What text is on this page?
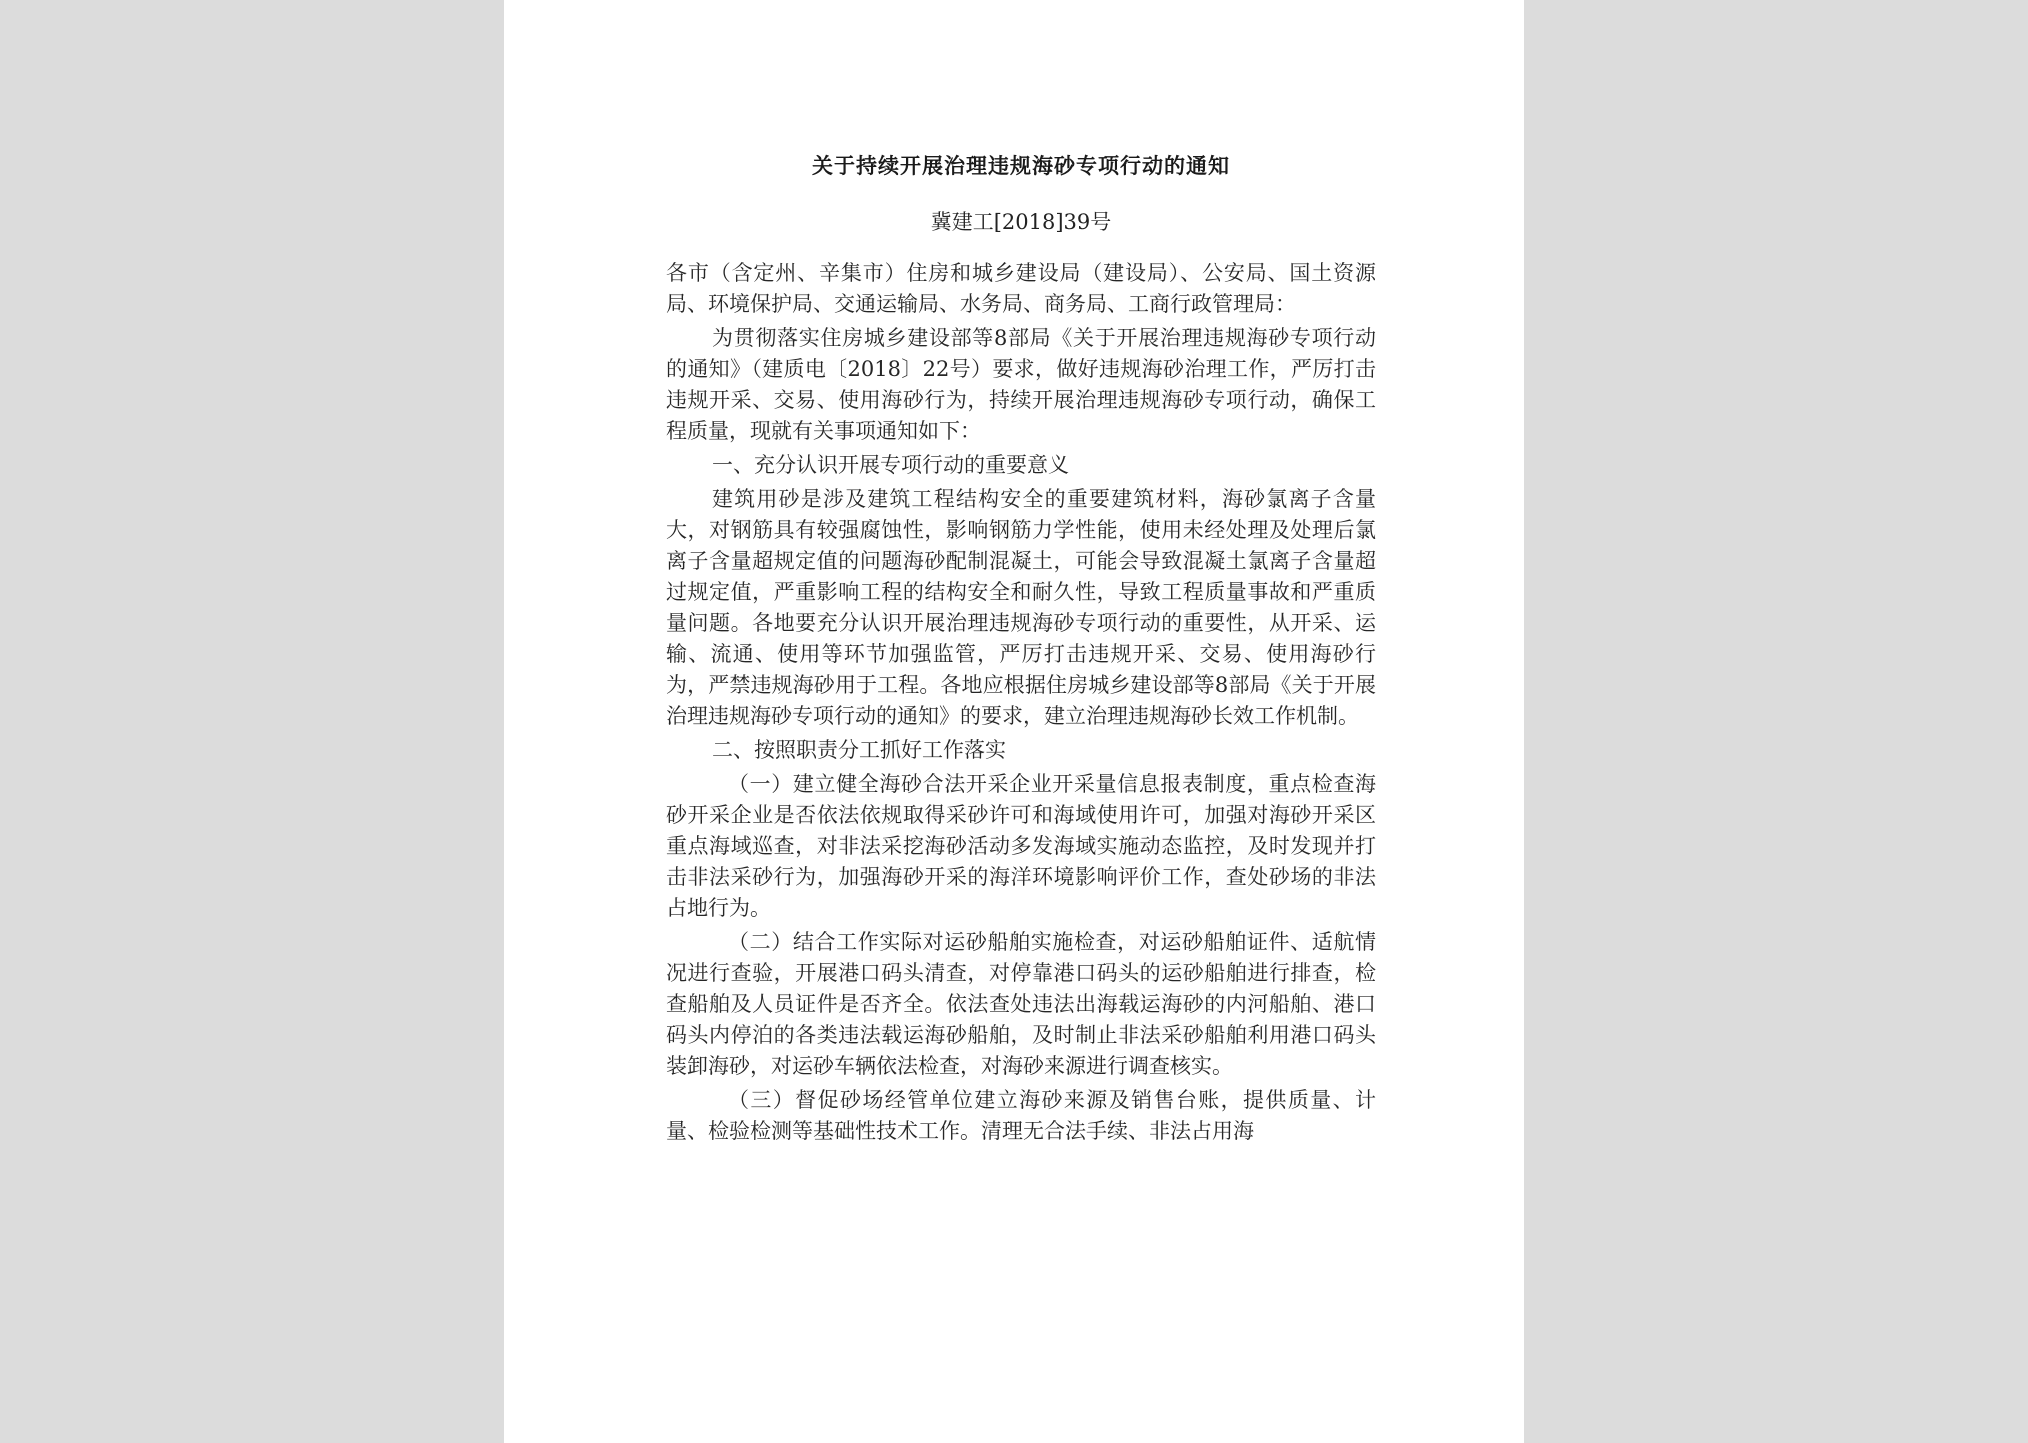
关于持续开展治理违规海砂专项行动的通知
冀建工[2018]39号

各市（含定州、辛集市）住房和城乡建设局（建设局）、公安局、国土资源局、环境保护局、交通运输局、水务局、商务局、工商行政管理局：

为贯彻落实住房城乡建设部等8部局《关于开展治理违规海砂专项行动的通知》（建质电〔2018〕22号）要求，做好违规海砂治理工作，严厉打击违规开采、交易、使用海砂行为，持续开展治理违规海砂专项行动，确保工程质量，现就有关事项通知如下：

一、充分认识开展专项行动的重要意义

建筑用砂是涉及建筑工程结构安全的重要建筑材料，海砂氯离子含量大，对钢筋具有较强腐蚀性，影响钢筋力学性能，使用未经处理及处理后氯离子含量超规定值的问题海砂配制混凝土，可能会导致混凝土氯离子含量超过规定值，严重影响工程的结构安全和耐久性，导致工程质量事故和严重质量问题。各地要充分认识开展治理违规海砂专项行动的重要性，从开采、运输、流通、使用等环节加强监管，严厉打击违规开采、交易、使用海砂行为，严禁违规海砂用于工程。各地应根据住房城乡建设部等8部局《关于开展治理违规海砂专项行动的通知》的要求，建立治理违规海砂长效工作机制。

二、按照职责分工抓好工作落实

（一）建立健全海砂合法开采企业开采量信息报表制度，重点检查海砂开采企业是否依法依规取得采砂许可和海域使用许可，加强对海砂开采区重点海域巡查，对非法采挖海砂活动多发海域实施动态监控，及时发现并打击非法采砂行为，加强海砂开采的海洋环境影响评价工作，查处砂场的非法占地行为。

（二）结合工作实际对运砂船舶实施检查，对运砂船舶证件、适航情况进行查验，开展港口码头清查，对停靠港口码头的运砂船舶进行排查，检查船舶及人员证件是否齐全。依法查处违法出海载运海砂的内河船舶、港口码头内停泊的各类违法载运海砂船舶，及时制止非法采砂船舶利用港口码头装卸海砂，对运砂车辆依法检查，对海砂来源进行调查核实。

（三）督促砂场经管单位建立海砂来源及销售台账，提供质量、计量、检验检测等基础性技术工作。清理无合法手续、非法占用海
